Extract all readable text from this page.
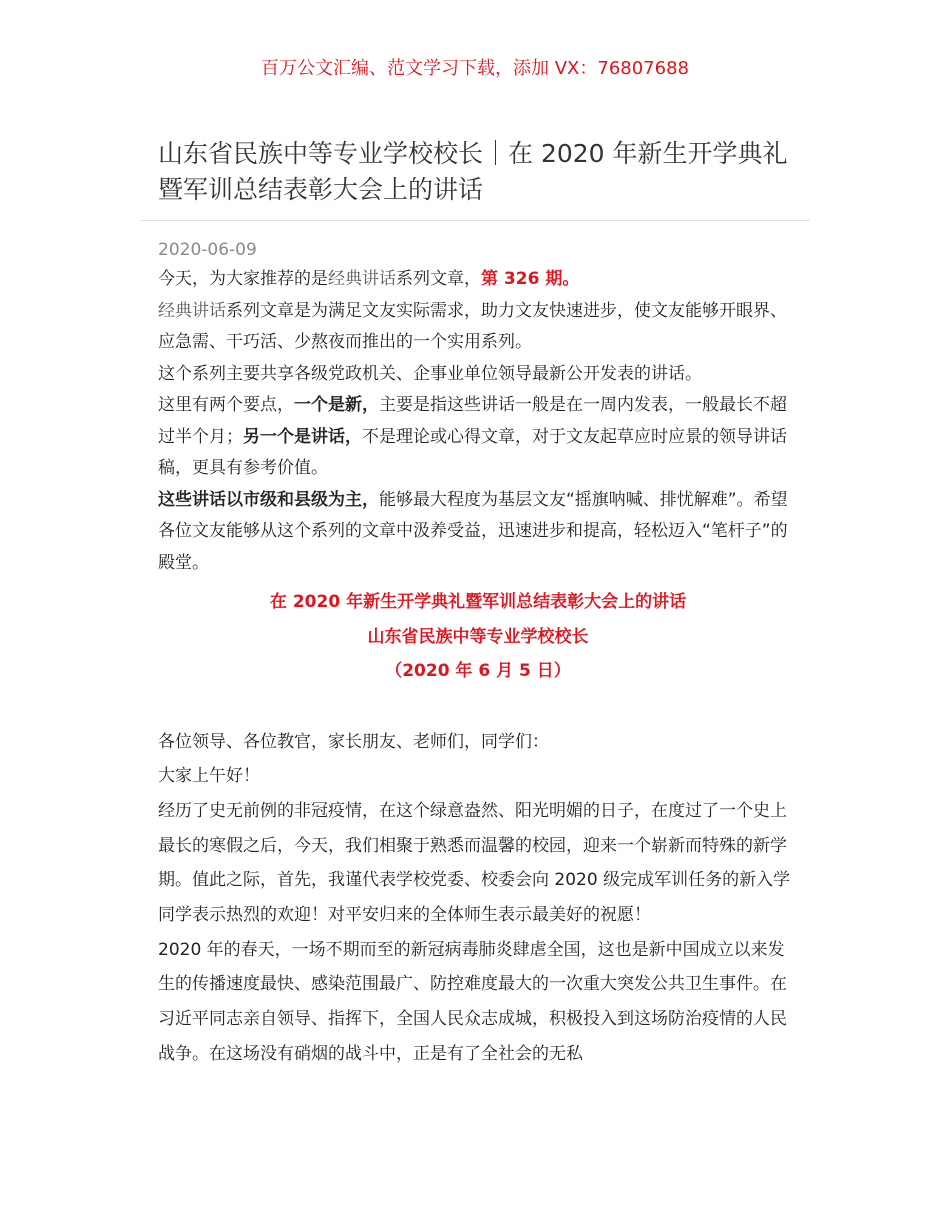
百万公文汇编、范文学习下载，添加 VX：76807688
山东省民族中等专业学校校长｜在 2020 年新生开学典礼暨军训总结表彰大会上的讲话
2020-06-09

今天，为大家推荐的是经典讲话系列文章，第 326 期。

经典讲话系列文章是为满足文友实际需求，助力文友快速进步，使文友能够开眼界、应急需、干巧活、少熬夜而推出的一个实用系列。

这个系列主要共享各级党政机关、企事业单位领导最新公开发表的讲话。

这里有两个要点，一个是新，主要是指这些讲话一般是在一周内发表，一般最长不超过半个月；另一个是讲话，不是理论或心得文章，对于文友起草应时应景的领导讲话稿，更具有参考价值。

这些讲话以市级和县级为主，能够最大程度为基层文友“摇旗呐喊、排忧解难”。希望各位文友能够从这个系列的文章中汲养受益，迅速进步和提高，轻松迈入“笔杆子”的殿堂。

在 2020 年新生开学典礼暨军训总结表彰大会上的讲话
山东省民族中等专业学校校长
（2020 年 6 月 5 日）

各位领导、各位教官，家长朋友、老师们，同学们：

大家上午好！

经历了史无前例的非冠疫情，在这个绿意盎然、阳光明媚的日子，在度过了一个史上最长的寒假之后，今天，我们相聚于熟悉而温馨的校园，迎来一个崭新而特殊的新学期。值此之际，首先，我谨代表学校党委、校委会向 2020 级完成军训任务的新入学同学表示热烈的欢迎！对平安归来的全体师生表示最美好的祝愿！

2020 年的春天，一场不期而至的新冠病毒肺炎肆虐全国，这也是新中国成立以来发生的传播速度最快、感染范围最广、防控难度最大的一次重大突发公共卫生事件。在习近平同志亲自领导、指挥下，全国人民众志成城，积极投入到这场防治疫情的人民战争。在这场没有硝烟的战斗中，正是有了全社会的无私
